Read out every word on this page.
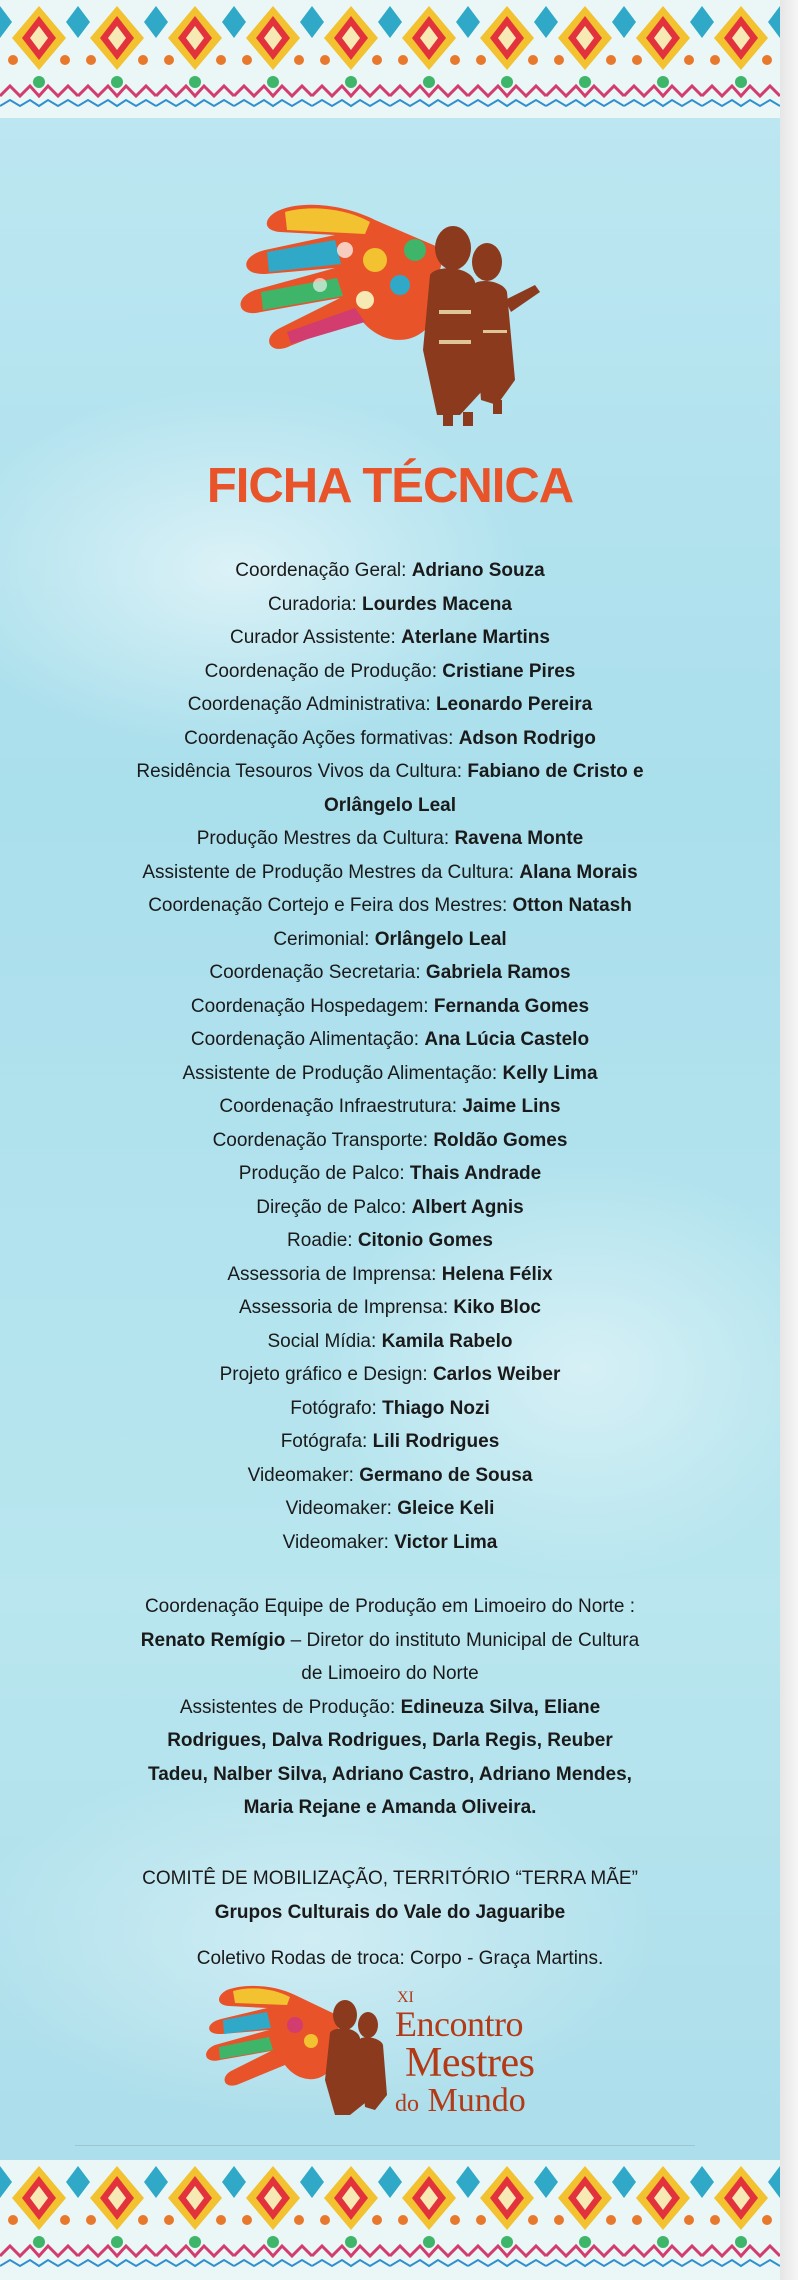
FICHA TÉCNICA
Coordenação Geral: Adriano Souza
Curadoria: Lourdes Macena
Curador Assistente: Aterlane Martins
Coordenação de Produção: Cristiane Pires
Coordenação Administrativa: Leonardo Pereira
Coordenação Ações formativas: Adson Rodrigo
Residência Tesouros Vivos da Cultura: Fabiano de Cristo e
Orlângelo Leal
Produção Mestres da Cultura: Ravena Monte
Assistente de Produção Mestres da Cultura: Alana Morais
Coordenação Cortejo e Feira dos Mestres: Otton Natash
Cerimonial: Orlângelo Leal
Coordenação Secretaria: Gabriela Ramos
Coordenação Hospedagem: Fernanda Gomes
Coordenação Alimentação: Ana Lúcia Castelo
Assistente de Produção Alimentação: Kelly Lima
Coordenação Infraestrutura: Jaime Lins
Coordenação Transporte: Roldão Gomes
Produção de Palco: Thais Andrade
Direção de Palco: Albert Agnis
Roadie: Citonio Gomes
Assessoria de Imprensa: Helena Félix
Assessoria de Imprensa: Kiko Bloc
Social Mídia: Kamila Rabelo
Projeto gráfico e Design: Carlos Weiber
Fotógrafo: Thiago Nozi
Fotógrafa: Lili Rodrigues
Videomaker: Germano de Sousa
Videomaker: Gleice Keli
Videomaker: Victor Lima
Coordenação Equipe de Produção em Limoeiro do Norte :
Renato Remígio – Diretor do instituto Municipal de Cultura
de Limoeiro do Norte
Assistentes de Produção: Edineuza Silva, Eliane
Rodrigues, Dalva Rodrigues, Darla Regis, Reuber
Tadeu, Nalber Silva, Adriano Castro, Adriano Mendes,
Maria Rejane e Amanda Oliveira.
COMITÊ DE MOBILIZAÇÃO, TERRITÓRIO “TERRA MÃE”
Grupos Culturais do Vale do Jaguaribe
Coletivo Rodas de troca: Corpo - Graça Martins.
XI
Encontro
Mestres
do Mundo
